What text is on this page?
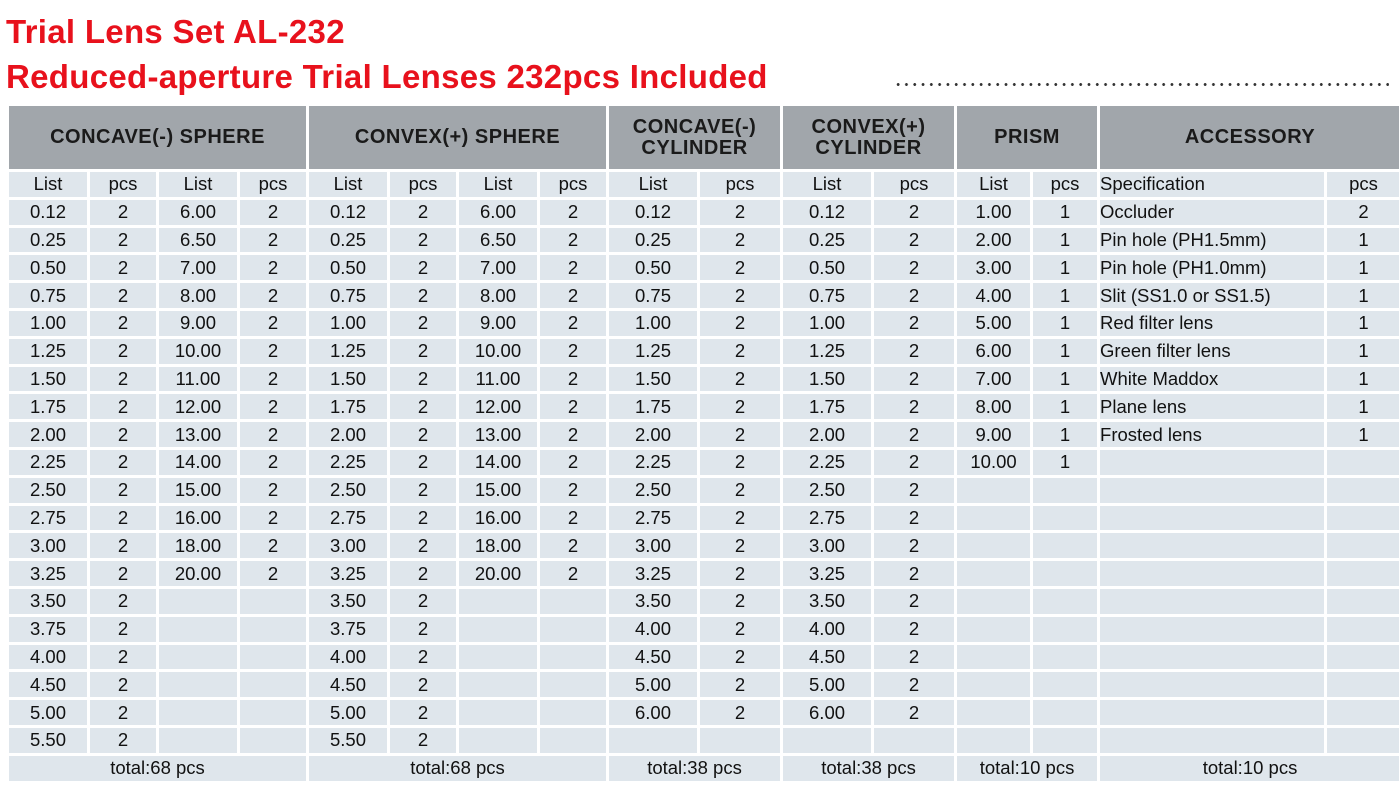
Trial Lens Set AL-232
Reduced-aperture Trial Lenses 232pcs Included
CONCAVE(-) SPHERE				CONVEX(+) SPHERE				CONCAVE(-) CYLINDER		CONVEX(+) CYLINDER		PRISM		ACCESSORY	
List	pcs	List	pcs	List	pcs	List	pcs	List	pcs	List	pcs	List	pcs	Specification	pcs
0.12	2	6.00	2	0.12	2	6.00	2	0.12	2	0.12	2	1.00	1	Occluder	2
0.25	2	6.50	2	0.25	2	6.50	2	0.25	2	0.25	2	2.00	1	Pin hole (PH1.5mm)	1
0.50	2	7.00	2	0.50	2	7.00	2	0.50	2	0.50	2	3.00	1	Pin hole (PH1.0mm)	1
0.75	2	8.00	2	0.75	2	8.00	2	0.75	2	0.75	2	4.00	1	Slit (SS1.0 or SS1.5)	1
1.00	2	9.00	2	1.00	2	9.00	2	1.00	2	1.00	2	5.00	1	Red filter lens	1
1.25	2	10.00	2	1.25	2	10.00	2	1.25	2	1.25	2	6.00	1	Green filter lens	1
1.50	2	11.00	2	1.50	2	11.00	2	1.50	2	1.50	2	7.00	1	White Maddox	1
1.75	2	12.00	2	1.75	2	12.00	2	1.75	2	1.75	2	8.00	1	Plane lens	1
2.00	2	13.00	2	2.00	2	13.00	2	2.00	2	2.00	2	9.00	1	Frosted lens	1
2.25	2	14.00	2	2.25	2	14.00	2	2.25	2	2.25	2	10.00	1		
2.50	2	15.00	2	2.50	2	15.00	2	2.50	2	2.50	2				
2.75	2	16.00	2	2.75	2	16.00	2	2.75	2	2.75	2				
3.00	2	18.00	2	3.00	2	18.00	2	3.00	2	3.00	2				
3.25	2	20.00	2	3.25	2	20.00	2	3.25	2	3.25	2				
3.50	2			3.50	2			3.50	2	3.50	2				
3.75	2			3.75	2			4.00	2	4.00	2				
4.00	2			4.00	2			4.50	2	4.50	2				
4.50	2			4.50	2			5.00	2	5.00	2				
5.00	2			5.00	2			6.00	2	6.00	2				
5.50	2			5.50	2										
total:68 pcs				total:68 pcs				total:38 pcs		total:38 pcs		total:10 pcs		total:10 pcs	
